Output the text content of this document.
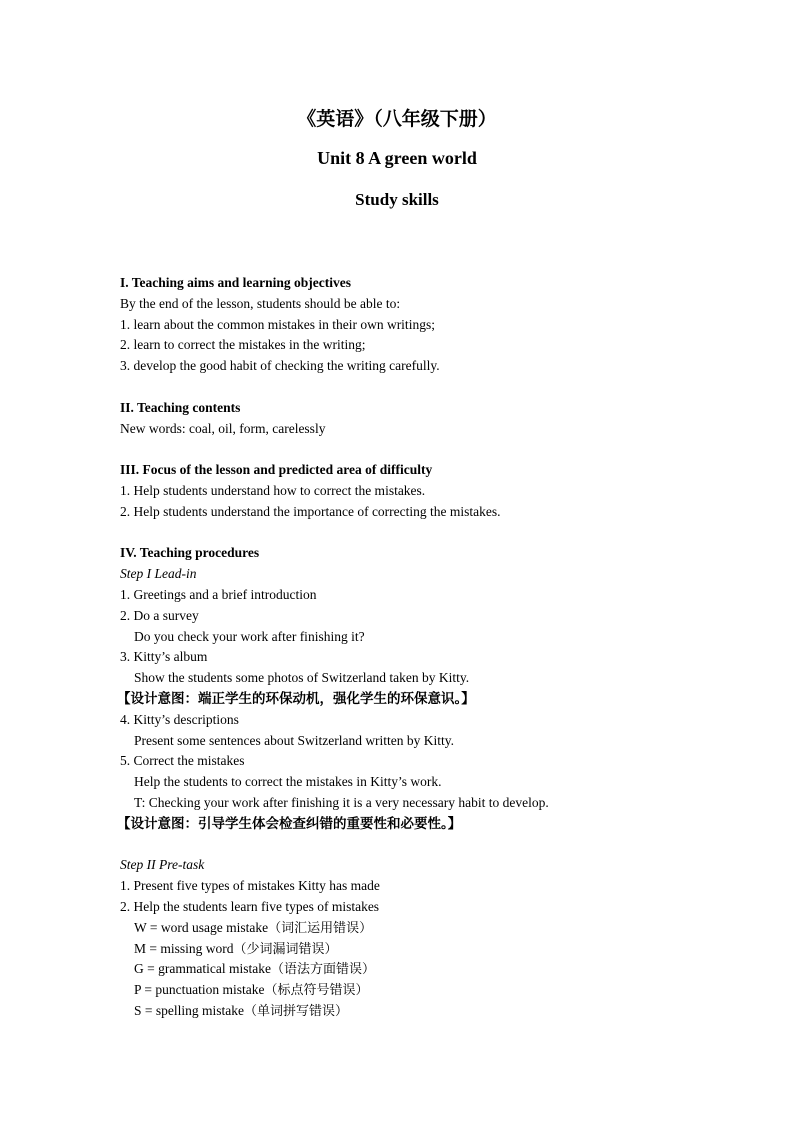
《英语》（八年级下册）
Unit 8 A green world
Study skills
I. Teaching aims and learning objectives
By the end of the lesson, students should be able to:
1. learn about the common mistakes in their own writings;
2. learn to correct the mistakes in the writing;
3. develop the good habit of checking the writing carefully.
II. Teaching contents
New words: coal, oil, form, carelessly
III. Focus of the lesson and predicted area of difficulty
1. Help students understand how to correct the mistakes.
2. Help students understand the importance of correcting the mistakes.
IV. Teaching procedures
Step I Lead-in
1. Greetings and a brief introduction
2. Do a survey
Do you check your work after finishing it?
3. Kitty’s album
Show the students some photos of Switzerland taken by Kitty.
【设计意图：端正学生的环保动机，强化学生的环保意识。】
4. Kitty’s descriptions
Present some sentences about Switzerland written by Kitty.
5. Correct the mistakes
Help the students to correct the mistakes in Kitty’s work.
T: Checking your work after finishing it is a very necessary habit to develop.
【设计意图：引导学生体会检查纠错的重要性和必要性。】
Step II Pre-task
1. Present five types of mistakes Kitty has made
2. Help the students learn five types of mistakes
W = word usage mistake（词汇运用错误）
M = missing word（少词漏词错误）
G = grammatical mistake（语法方面错误）
P = punctuation mistake（标点符号错误）
S = spelling mistake（单词拼写错误）
